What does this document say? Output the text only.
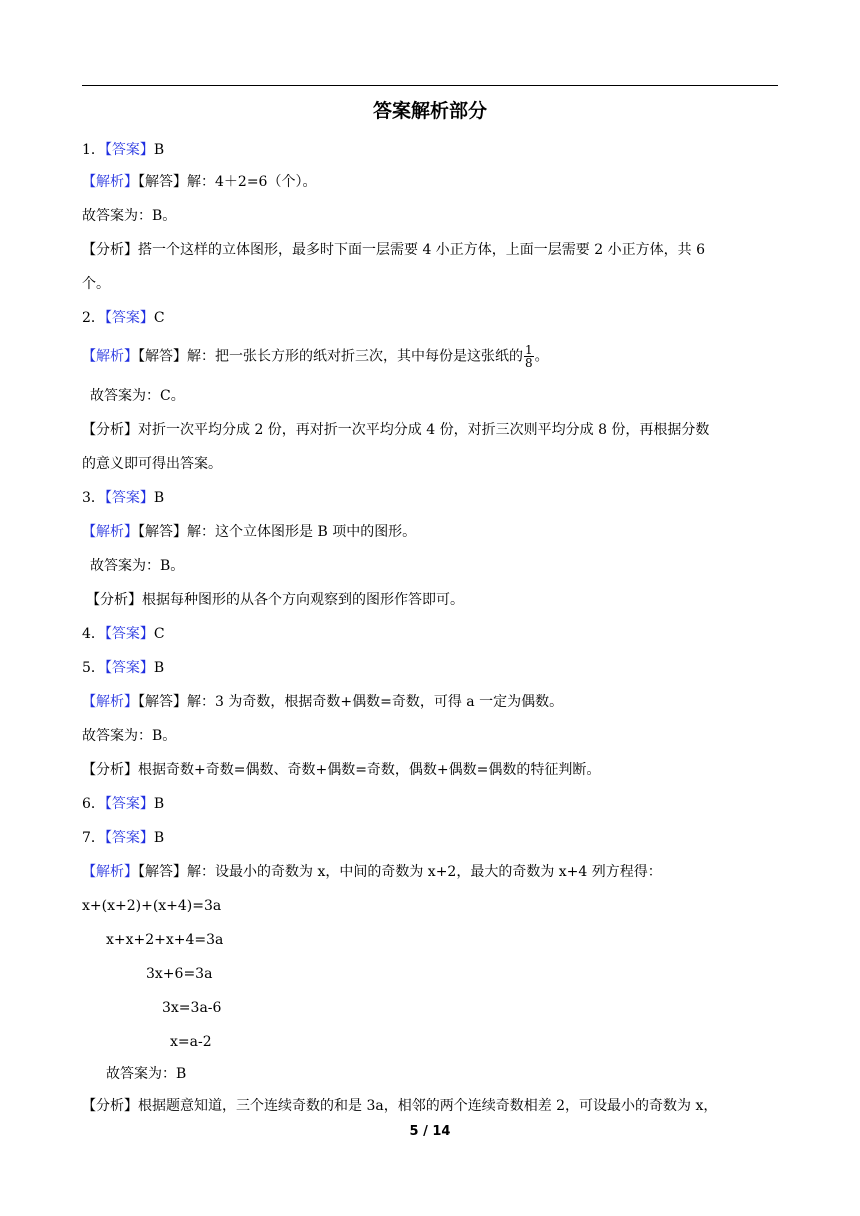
答案解析部分
1．【答案】B
【解析】【解答】解：4＋2=6（个）。
故答案为：B。
【分析】搭一个这样的立体图形，最多时下面一层需要 4 小正方体，上面一层需要 2 小正方体，共 6
个。
2．【答案】C
【解析】【解答】解：把一张长方形的纸对折三次，其中每份是这张纸的 $\frac{1}{8}$ 。
故答案为：C。
【分析】对折一次平均分成 2 份，再对折一次平均分成 4 份，对折三次则平均分成 8 份，再根据分数
的意义即可得出答案。
3．【答案】B
【解析】【解答】解：这个立体图形是 B 项中的图形。
故答案为：B。
【分析】根据每种图形的从各个方向观察到的图形作答即可。
4．【答案】C
5．【答案】B
【解析】【解答】解：3 为奇数，根据奇数+偶数=奇数，可得 a 一定为偶数。
故答案为：B。
【分析】根据奇数+奇数=偶数、奇数+偶数=奇数，偶数+偶数=偶数的特征判断。
6．【答案】B
7．【答案】B
【解析】【解答】解：设最小的奇数为 x，中间的奇数为 x+2，最大的奇数为 x+4 列方程得：
x+(x+2)+(x+4)=3a
x+x+2+x+4=3a
3x+6=3a
3x=3a-6
x=a-2
故答案为：B
【分析】根据题意知道，三个连续奇数的和是 3a，相邻的两个连续奇数相差 2，可设最小的奇数为 x，
5 / 14
